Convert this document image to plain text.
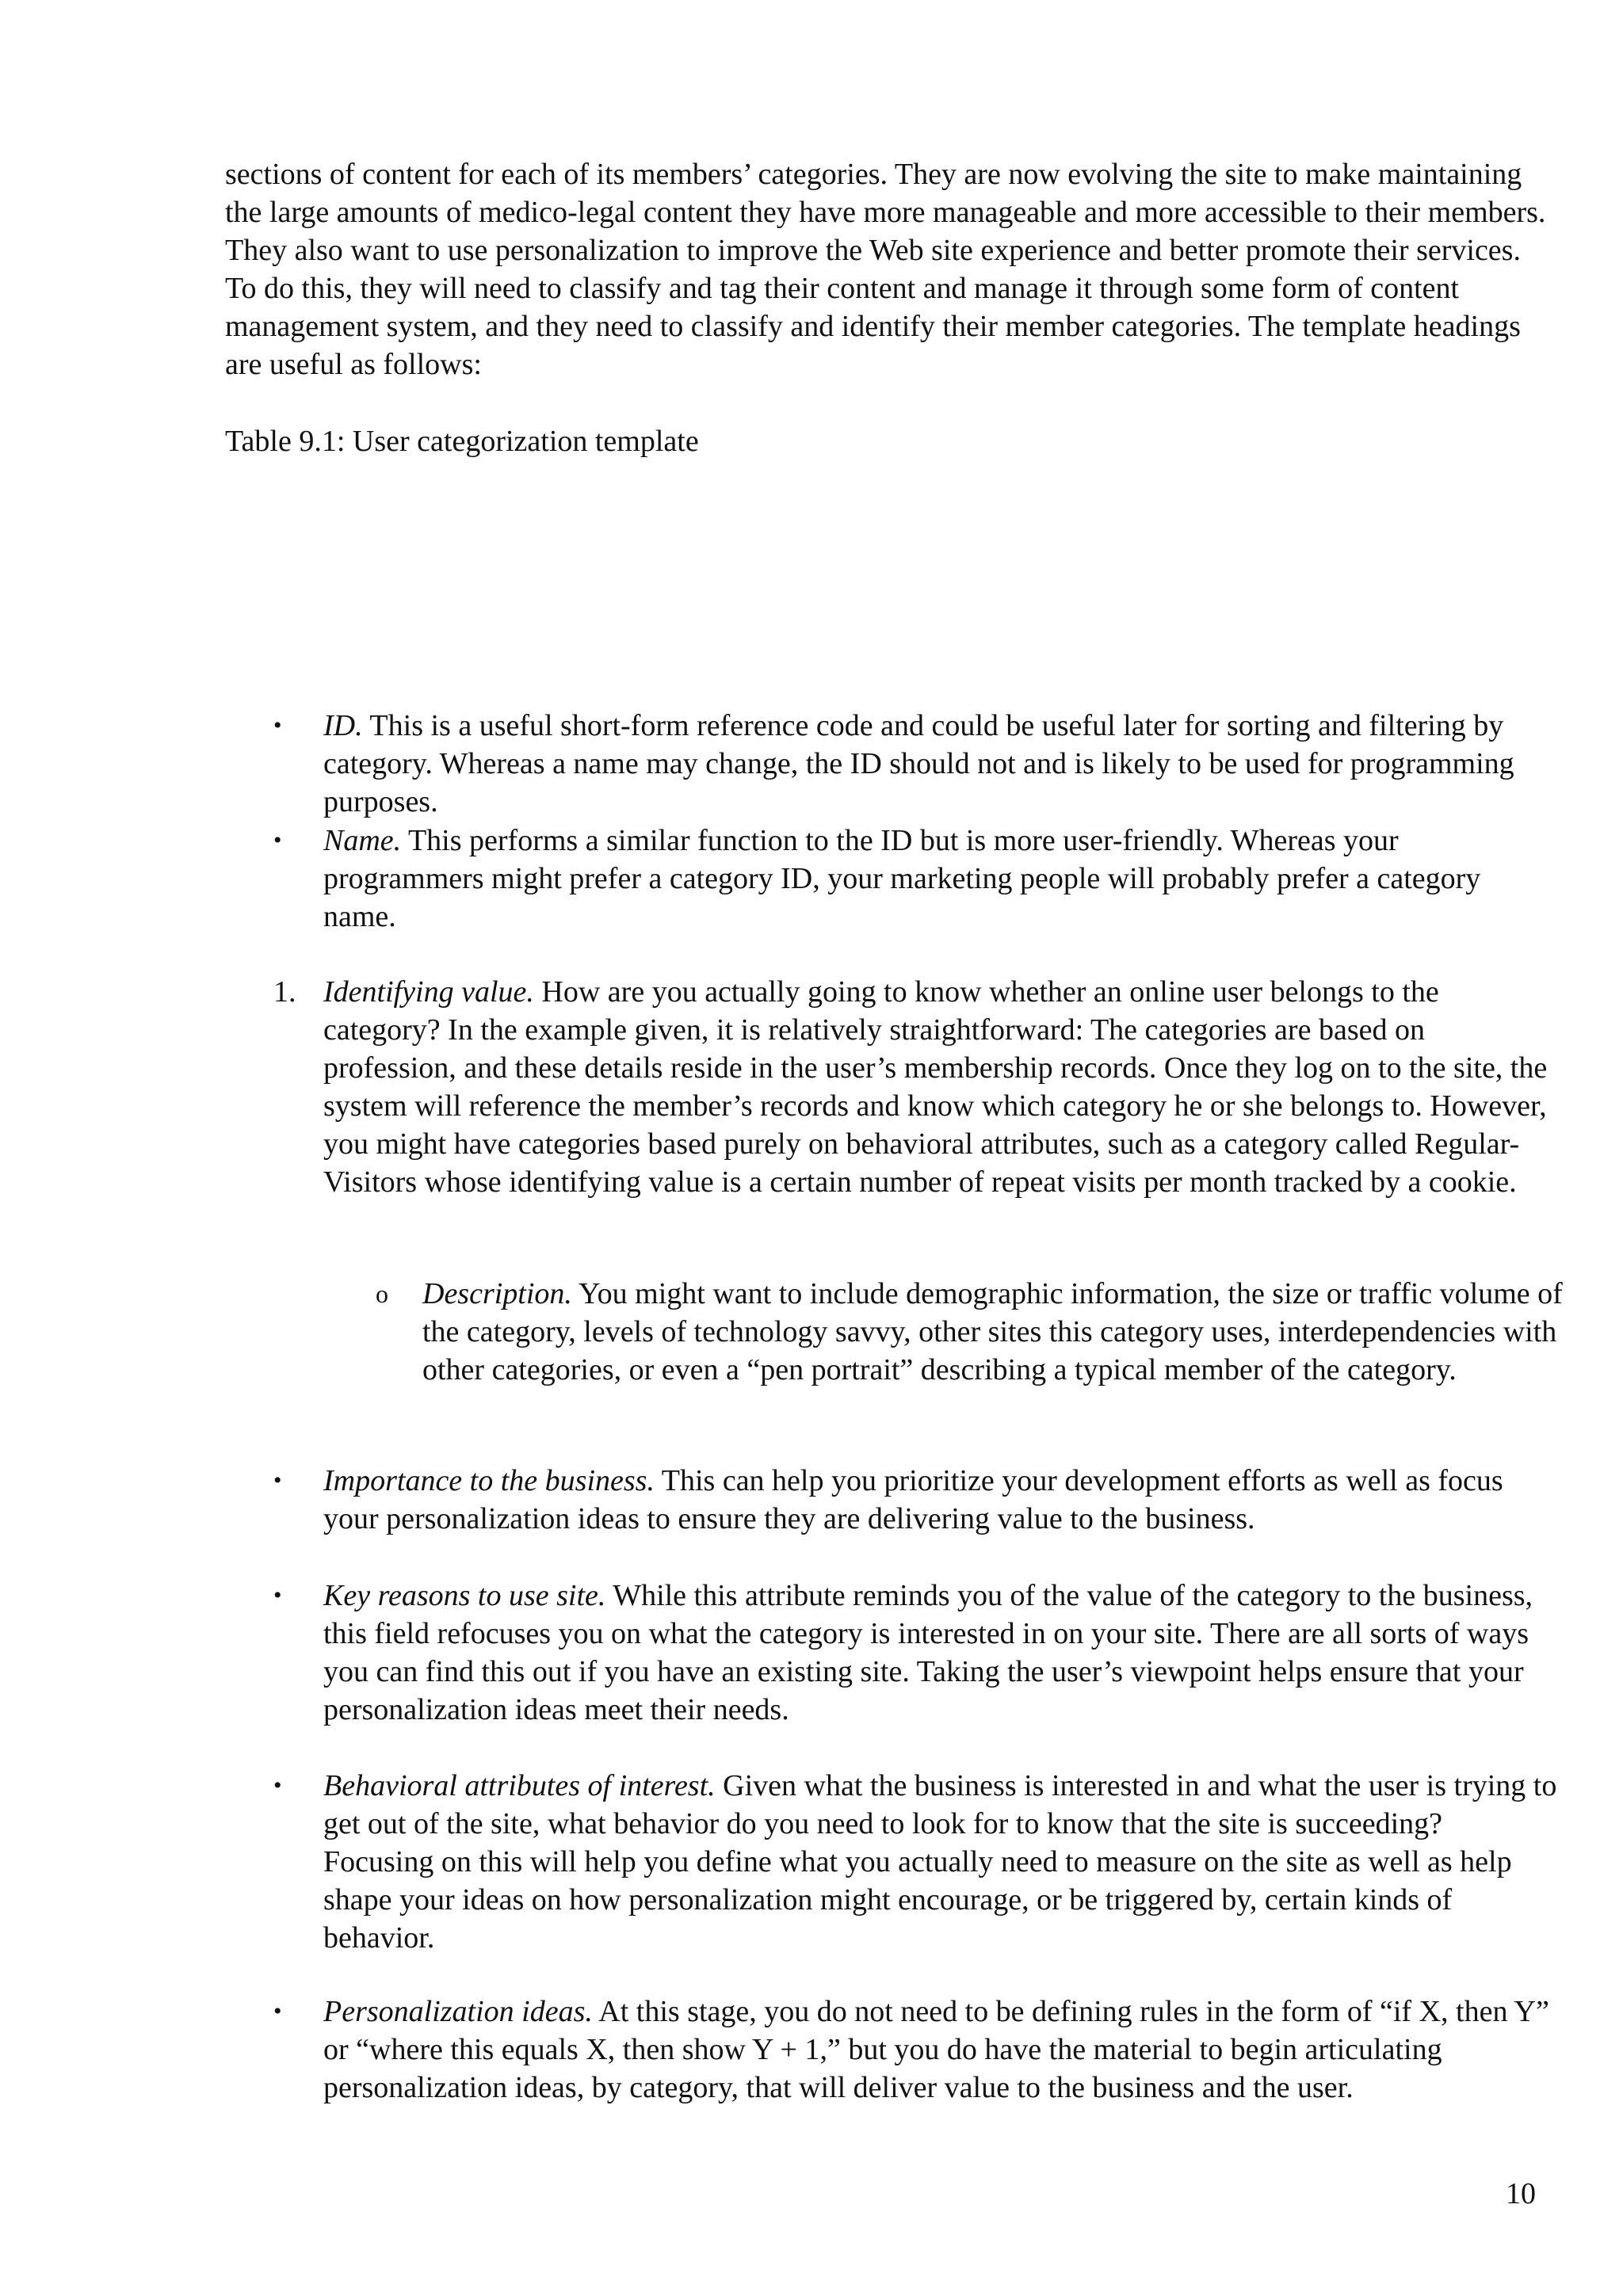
sections of content for each of its members’ categories. They are now evolving the site to make maintaining the large amounts of medico-legal content they have more manageable and more accessible to their members. They also want to use personalization to improve the Web site experience and better promote their services. To do this, they will need to classify and tag their content and manage it through some form of content management system, and they need to classify and identify their member categories. The template headings are useful as follows:

Table 9.1: User categorization template

• ID. This is a useful short-form reference code and could be useful later for sorting and filtering by category. Whereas a name may change, the ID should not and is likely to be used for programming purposes.

• Name. This performs a similar function to the ID but is more user-friendly. Whereas your programmers might prefer a category ID, your marketing people will probably prefer a category name.

1. Identifying value. How are you actually going to know whether an online user belongs to the category? In the example given, it is relatively straightforward: The categories are based on profession, and these details reside in the user’s membership records. Once they log on to the site, the system will reference the member’s records and know which category he or she belongs to. However, you might have categories based purely on behavioral attributes, such as a category called Regular-Visitors whose identifying value is a certain number of repeat visits per month tracked by a cookie.

o Description. You might want to include demographic information, the size or traffic volume of the category, levels of technology savvy, other sites this category uses, interdependencies with other categories, or even a “pen portrait” describing a typical member of the category.

• Importance to the business. This can help you prioritize your development efforts as well as focus your personalization ideas to ensure they are delivering value to the business.

• Key reasons to use site. While this attribute reminds you of the value of the category to the business, this field refocuses you on what the category is interested in on your site. There are all sorts of ways you can find this out if you have an existing site. Taking the user’s viewpoint helps ensure that your personalization ideas meet their needs.

• Behavioral attributes of interest. Given what the business is interested in and what the user is trying to get out of the site, what behavior do you need to look for to know that the site is succeeding? Focusing on this will help you define what you actually need to measure on the site as well as help shape your ideas on how personalization might encourage, or be triggered by, certain kinds of behavior.

• Personalization ideas. At this stage, you do not need to be defining rules in the form of “if X, then Y” or “where this equals X, then show Y + 1,” but you do have the material to begin articulating personalization ideas, by category, that will deliver value to the business and the user.

10
